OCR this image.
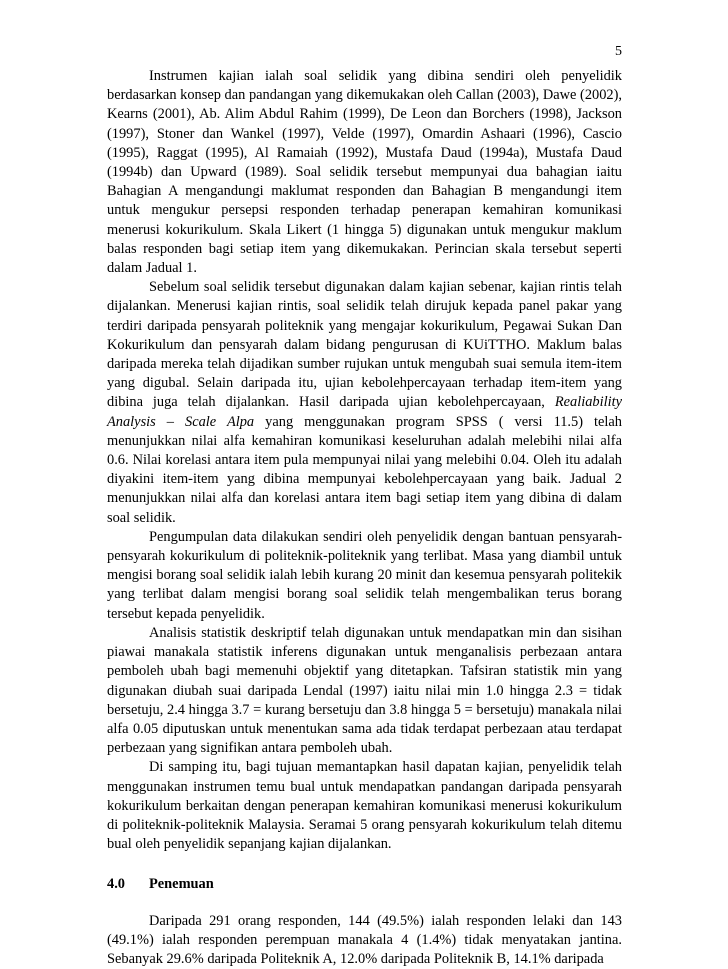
5

Instrumen kajian ialah soal selidik yang dibina sendiri oleh penyelidik berdasarkan konsep dan pandangan yang dikemukakan oleh Callan (2003), Dawe (2002), Kearns (2001), Ab. Alim Abdul Rahim (1999), De Leon dan Borchers (1998), Jackson (1997), Stoner dan Wankel (1997), Velde (1997), Omardin Ashaari (1996), Cascio (1995), Raggat (1995), Al Ramaiah (1992), Mustafa Daud (1994a), Mustafa Daud (1994b) dan Upward (1989). Soal selidik tersebut mempunyai dua bahagian iaitu Bahagian A mengandungi maklumat responden dan Bahagian B mengandungi item untuk mengukur persepsi responden terhadap penerapan kemahiran komunikasi menerusi kokurikulum. Skala Likert (1 hingga 5) digunakan untuk mengukur maklum balas responden bagi setiap item yang dikemukakan. Perincian skala tersebut seperti dalam Jadual 1.

Sebelum soal selidik tersebut digunakan dalam kajian sebenar, kajian rintis telah dijalankan. Menerusi kajian rintis, soal selidik telah dirujuk kepada panel pakar yang terdiri daripada pensyarah politeknik yang mengajar kokurikulum, Pegawai Sukan Dan Kokurikulum dan pensyarah dalam bidang pengurusan di KUiTTHO. Maklum balas daripada mereka telah dijadikan sumber rujukan untuk mengubah suai semula item-item yang digubal. Selain daripada itu, ujian kebolehpercayaan terhadap item-item yang dibina juga telah dijalankan. Hasil daripada ujian kebolehpercayaan, Realiability Analysis – Scale Alpa yang menggunakan program SPSS ( versi 11.5) telah menunjukkan nilai alfa kemahiran komunikasi keseluruhan adalah melebihi nilai alfa 0.6. Nilai korelasi antara item pula mempunyai nilai yang melebihi 0.04. Oleh itu adalah diyakini item-item yang dibina mempunyai kebolehpercayaan yang baik. Jadual 2 menunjukkan nilai alfa dan korelasi antara item bagi setiap item yang dibina di dalam soal selidik.

Pengumpulan data dilakukan sendiri oleh penyelidik dengan bantuan pensyarah-pensyarah kokurikulum di politeknik-politeknik yang terlibat. Masa yang diambil untuk mengisi borang soal selidik ialah lebih kurang 20 minit dan kesemua pensyarah politekik yang terlibat dalam mengisi borang soal selidik telah mengembalikan terus borang tersebut kepada penyelidik.

Analisis statistik deskriptif telah digunakan untuk mendapatkan min dan sisihan piawai manakala statistik inferens digunakan untuk menganalisis perbezaan antara pemboleh ubah bagi memenuhi objektif yang ditetapkan. Tafsiran statistik min yang digunakan diubah suai daripada Lendal (1997) iaitu nilai min 1.0 hingga 2.3 = tidak bersetuju, 2.4 hingga 3.7 = kurang bersetuju dan 3.8 hingga 5 = bersetuju) manakala nilai alfa 0.05 diputuskan untuk menentukan sama ada tidak terdapat perbezaan atau terdapat perbezaan yang signifikan antara pemboleh ubah.

Di samping itu, bagi tujuan memantapkan hasil dapatan kajian, penyelidik telah menggunakan instrumen temu bual untuk mendapatkan pandangan daripada pensyarah kokurikulum berkaitan dengan penerapan kemahiran komunikasi menerusi kokurikulum di politeknik-politeknik Malaysia. Seramai 5 orang pensyarah kokurikulum telah ditemu bual oleh penyelidik sepanjang kajian dijalankan.

4.0	Penemuan

Daripada 291 orang responden, 144 (49.5%) ialah responden lelaki dan 143 (49.1%) ialah responden perempuan manakala 4 (1.4%) tidak menyatakan jantina. Sebanyak 29.6% daripada Politeknik A, 12.0% daripada Politeknik B, 14.1% daripada
